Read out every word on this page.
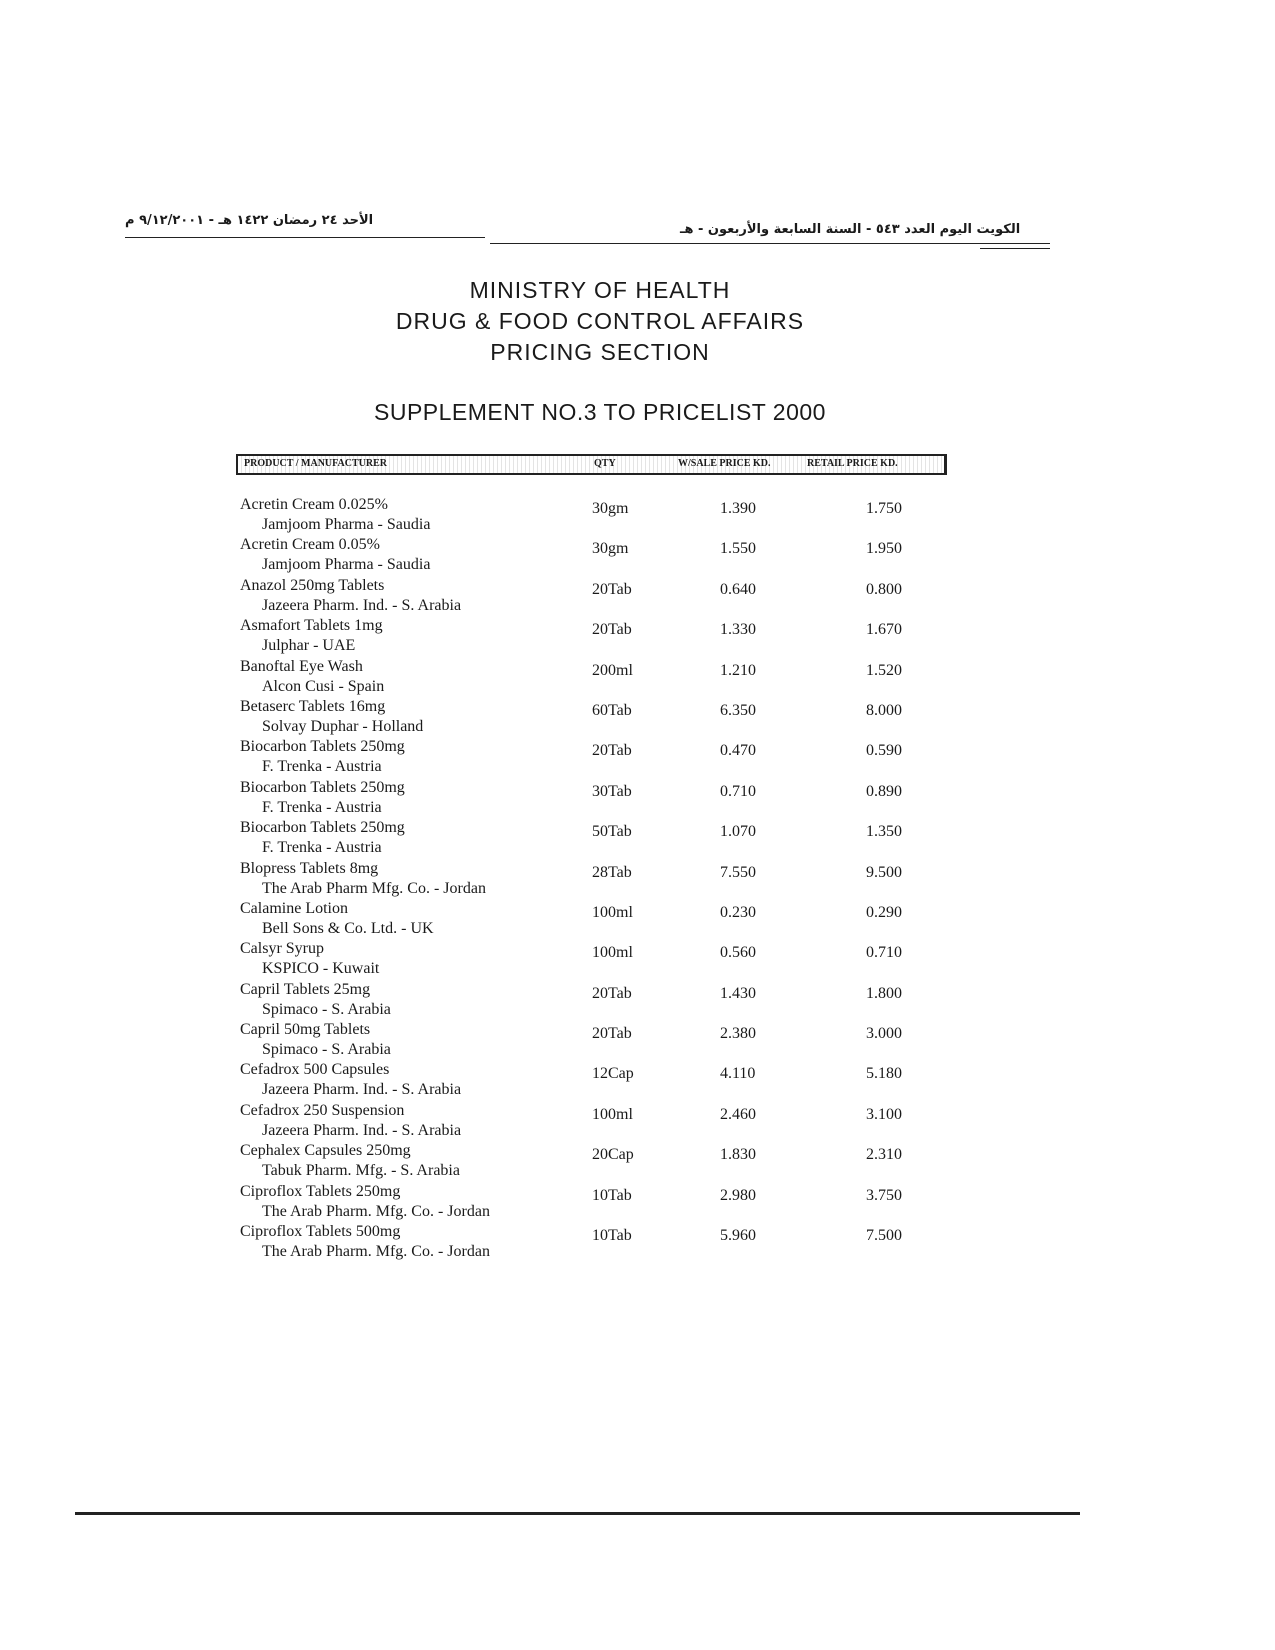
الأحد ٢٤ رمضان ١٤٢٢ هـ - ٩/١٢/٢٠٠١ م
الكويت اليوم العدد ٥٤٣ - السنة السابعة والأربعون - هـ
MINISTRY OF HEALTH
DRUG & FOOD CONTROL AFFAIRS
PRICING SECTION
SUPPLEMENT NO.3 TO PRICELIST 2000
PRODUCT / MANUFACTURER	QTY	W/SALE PRICE KD.	RETAIL PRICE KD.
Acretin Cream 0.025%
Jamjoom Pharma - Saudia
30gm	1.390	1.750
Acretin Cream 0.05%
Jamjoom Pharma - Saudia
30gm	1.550	1.950
Anazol 250mg Tablets
Jazeera Pharm. Ind. - S. Arabia
20Tab	0.640	0.800
Asmafort Tablets 1mg
Julphar - UAE
20Tab	1.330	1.670
Banoftal Eye Wash
Alcon Cusi - Spain
200ml	1.210	1.520
Betaserc Tablets 16mg
Solvay Duphar - Holland
60Tab	6.350	8.000
Biocarbon Tablets 250mg
F. Trenka - Austria
20Tab	0.470	0.590
Biocarbon Tablets 250mg
F. Trenka - Austria
30Tab	0.710	0.890
Biocarbon Tablets 250mg
F. Trenka - Austria
50Tab	1.070	1.350
Blopress Tablets 8mg
The Arab Pharm Mfg. Co. - Jordan
28Tab	7.550	9.500
Calamine Lotion
Bell Sons & Co. Ltd. - UK
100ml	0.230	0.290
Calsyr Syrup
KSPICO - Kuwait
100ml	0.560	0.710
Capril Tablets 25mg
Spimaco - S. Arabia
20Tab	1.430	1.800
Capril 50mg Tablets
Spimaco - S. Arabia
20Tab	2.380	3.000
Cefadrox 500 Capsules
Jazeera Pharm. Ind. - S. Arabia
12Cap	4.110	5.180
Cefadrox 250 Suspension
Jazeera Pharm. Ind. - S. Arabia
100ml	2.460	3.100
Cephalex Capsules 250mg
Tabuk Pharm. Mfg. - S. Arabia
20Cap	1.830	2.310
Ciproflox Tablets 250mg
The Arab Pharm. Mfg. Co. - Jordan
10Tab	2.980	3.750
Ciproflox Tablets 500mg
The Arab Pharm. Mfg. Co. - Jordan
10Tab	5.960	7.500
